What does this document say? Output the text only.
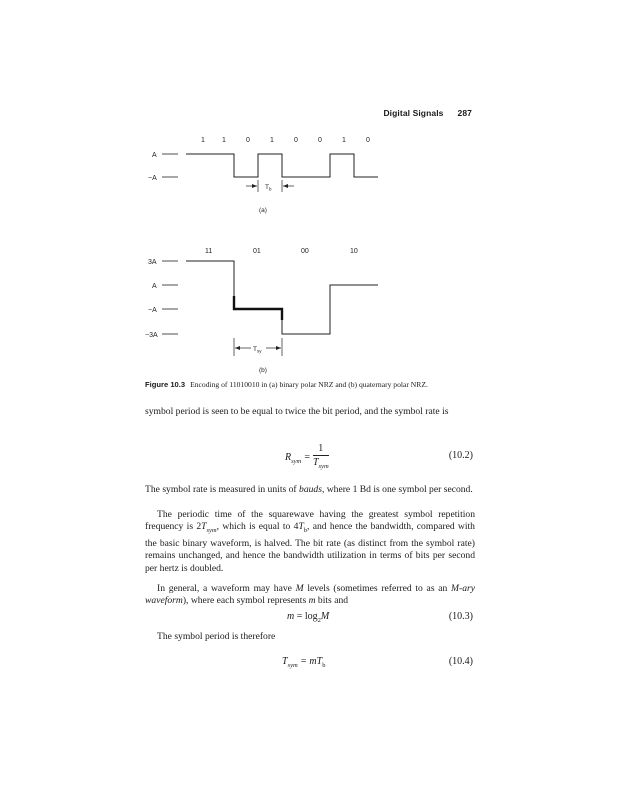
Digital Signals 287
1 1	0	1	0	0	1	0
A
−A
$T_b$
(a)
11	01	00	10
3A
A
−A
−3A
$T_{sy}$
(b)
Figure 10.3 Encoding of 11010010 in (a) binary polar NRZ and (b) quaternary polar NRZ.
symbol period is seen to be equal to twice the bit period, and the symbol rate is
$R_{sym} = \frac{1}{T_{sym}}$	(10.2)
The symbol rate is measured in units of bauds, where 1 Bd is one symbol per second.
The periodic time of the squarewave having the greatest symbol repetition frequency is $2T_{sym}$, which is equal to $4T_b$, and hence the bandwidth, compared with the basic binary waveform, is halved. The bit rate (as distinct from the symbol rate) remains unchanged, and hence the bandwidth utilization in terms of bits per second per hertz is doubled.
In general, a waveform may have M levels (sometimes referred to as an M-ary waveform), where each symbol represents m bits and
$m = \log_2M$	(10.3)
The symbol period is therefore
$T_{sym} = mT_b$	(10.4)
